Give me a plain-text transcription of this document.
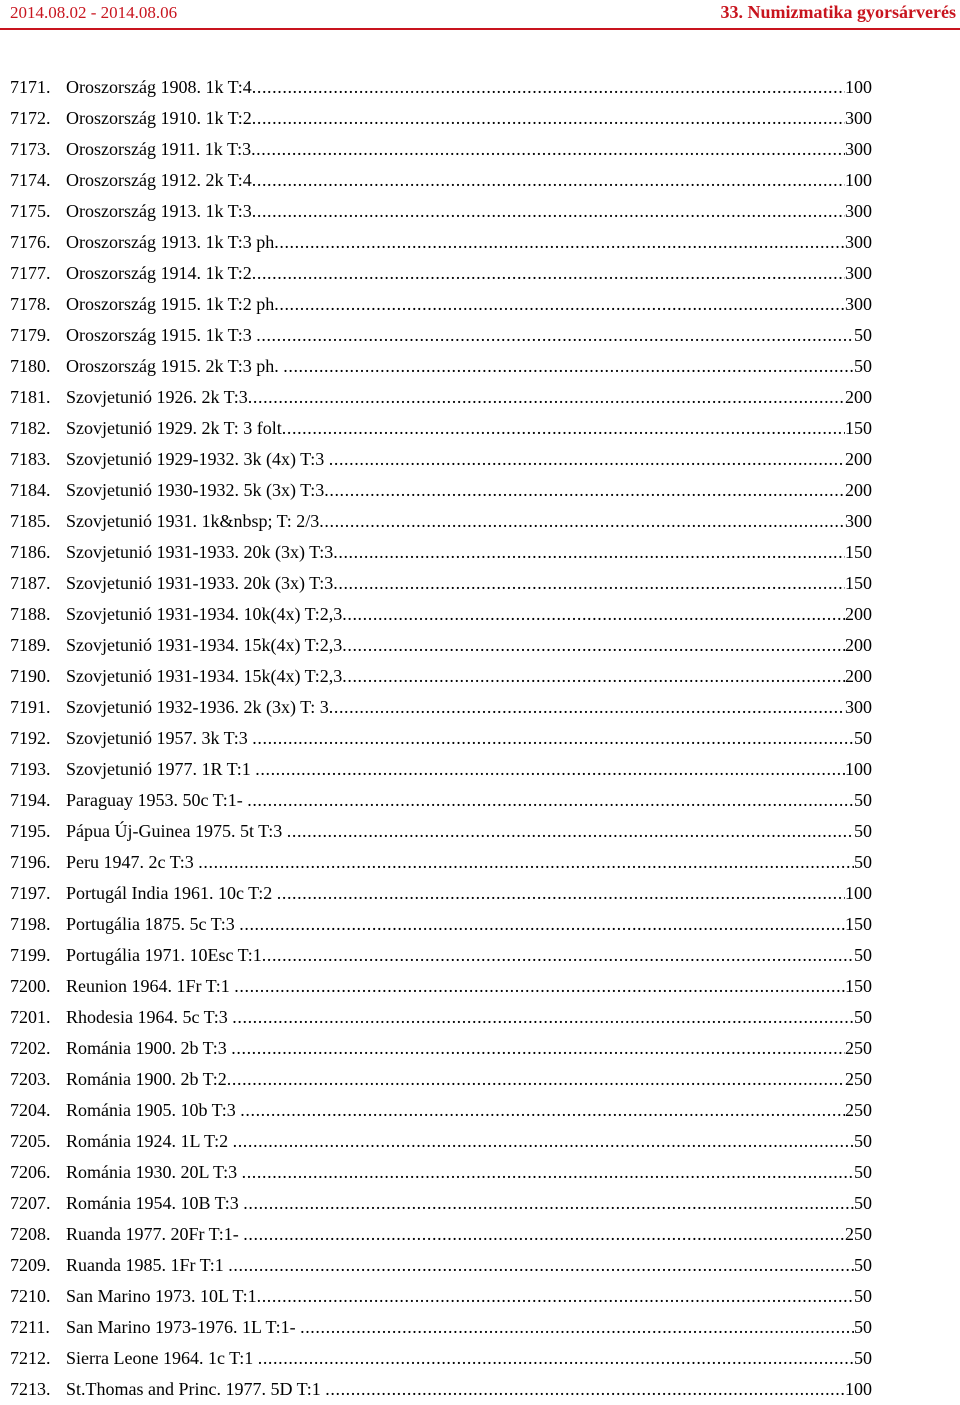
2014.08.02 - 2014.08.06	33. Numizmatika gyorsárverés
7171. Oroszország 1908. 1k T:4 .....	100
7172. Oroszország 1910. 1k T:2 .....	300
7173. Oroszország 1911. 1k T:3 .....	300
7174. Oroszország 1912. 2k T:4 .....	100
7175. Oroszország 1913. 1k T:3 .....	300
7176. Oroszország 1913. 1k T:3 ph .....	300
7177. Oroszország 1914. 1k T:2 .....	300
7178. Oroszország 1915. 1k T:2 ph .....	300
7179. Oroszország 1915. 1k T:3 .....	50
7180. Oroszország 1915. 2k T:3 ph. .....	50
7181. Szovjetunió 1926. 2k T:3 .....	200
7182. Szovjetunió 1929. 2k T: 3 folt .....	150
7183. Szovjetunió 1929-1932. 3k (4x) T:3 .....	200
7184. Szovjetunió 1930-1932. 5k (3x) T:3 .....	200
7185. Szovjetunió 1931. 1k&nbsp; T: 2/3 .....	300
7186. Szovjetunió 1931-1933. 20k (3x) T:3 .....	150
7187. Szovjetunió 1931-1933. 20k (3x) T:3 .....	150
7188. Szovjetunió 1931-1934. 10k(4x) T:2,3 .....	200
7189. Szovjetunió 1931-1934. 15k(4x) T:2,3 .....	200
7190. Szovjetunió 1931-1934. 15k(4x) T:2,3 .....	200
7191. Szovjetunió 1932-1936. 2k (3x) T: 3 .....	300
7192. Szovjetunió 1957. 3k T:3 .....	50
7193. Szovjetunió 1977. 1R T:1 .....	100
7194. Paraguay 1953. 50c T:1- .....	50
7195. Pápua Új-Guinea 1975. 5t T:3 .....	50
7196. Peru 1947. 2c T:3 .....	50
7197. Portugál India 1961. 10c T:2 .....	100
7198. Portugália 1875. 5c T:3 .....	150
7199. Portugália 1971. 10Esc T:1 .....	50
7200. Reunion 1964. 1Fr T:1 .....	150
7201. Rhodesia 1964. 5c T:3 .....	50
7202. Románia 1900. 2b T:3 .....	250
7203. Románia 1900. 2b T:2 .....	250
7204. Románia 1905. 10b T:3 .....	250
7205. Románia 1924. 1L T:2 .....	50
7206. Románia 1930. 20L T:3 .....	50
7207. Románia 1954. 10B T:3 .....	50
7208. Ruanda 1977. 20Fr T:1- .....	250
7209. Ruanda 1985. 1Fr T:1 .....	50
7210. San Marino 1973. 10L T:1 .....	50
7211. San Marino 1973-1976. 1L T:1- .....	50
7212. Sierra Leone 1964. 1c T:1 .....	50
7213. St.Thomas and Princ. 1977. 5D T:1 .....	100
